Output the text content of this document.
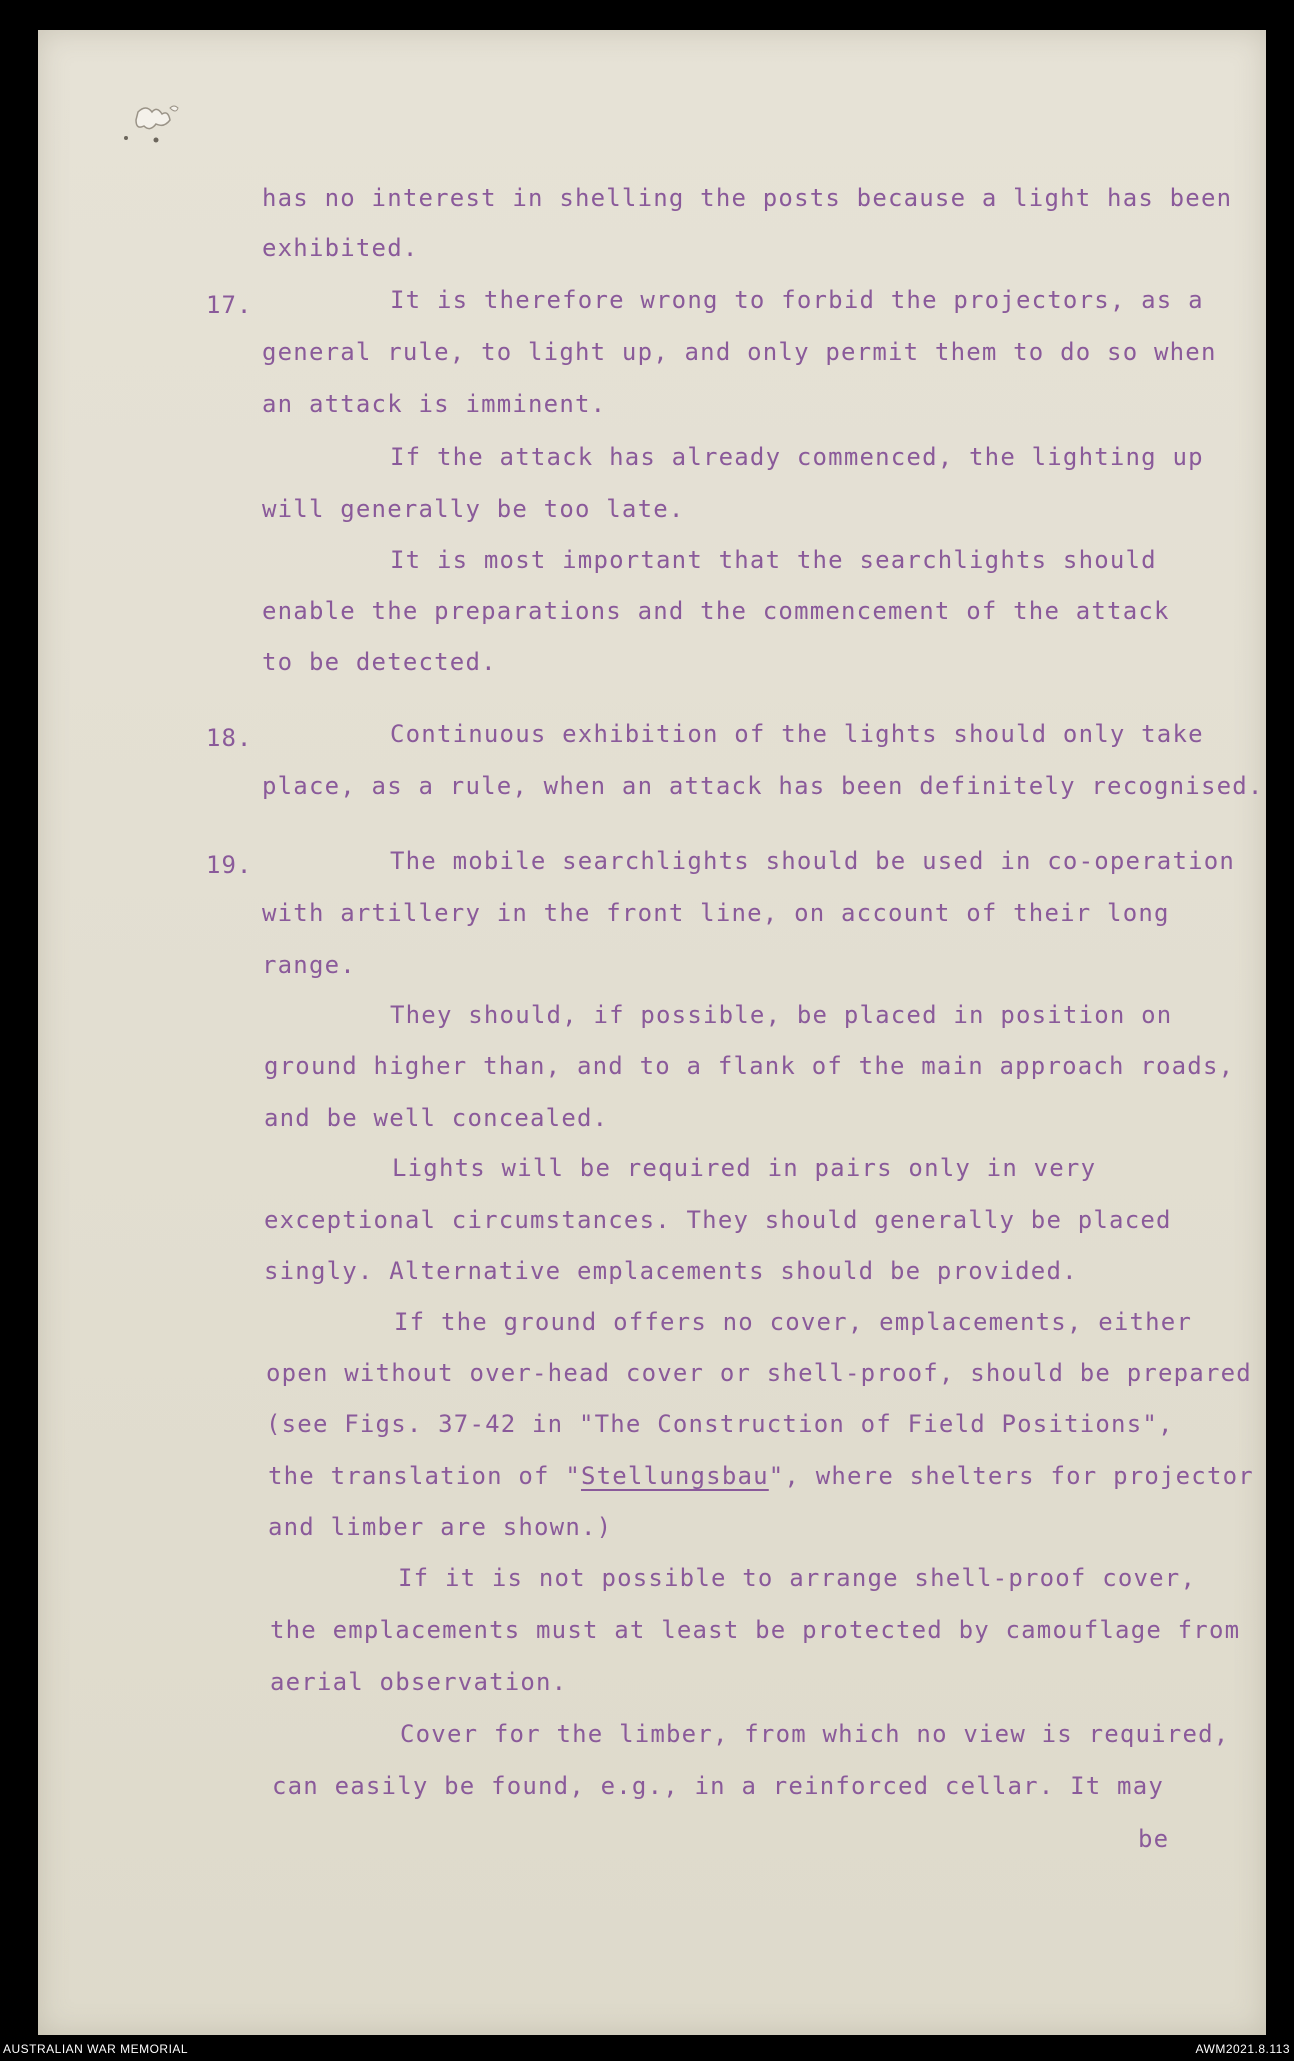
has no interest in shelling the posts because a light has been
exhibited.
17.	It is therefore wrong to forbid the projectors, as a
general rule, to light up, and only permit them to do so when
an attack is imminent.
If the attack has already commenced, the lighting up
will generally be too late.
It is most important that the searchlights should
enable the preparations and the commencement of the attack
to be detected.
18.	Continuous exhibition of the lights should only take
place, as a rule, when an attack has been definitely recognised.
19.	The mobile searchlights should be used in co-operation
with artillery in the front line, on account of their long
range.
They should, if possible, be placed in position on
ground higher than, and to a flank of the main approach roads,
and be well concealed.
Lights will be required in pairs only in very
exceptional circumstances. They should generally be placed
singly. Alternative emplacements should be provided.
If the ground offers no cover, emplacements, either
open without over-head cover or shell-proof, should be prepared
(see Figs. 37-42 in "The Construction of Field Positions",
the translation of "Stellungsbau", where shelters for projector
and limber are shown.)
If it is not possible to arrange shell-proof cover,
the emplacements must at least be protected by camouflage from
aerial observation.
Cover for the limber, from which no view is required,
can easily be found, e.g., in a reinforced cellar. It may
be
AUSTRALIAN WAR MEMORIAL	AWM2021.8.113
